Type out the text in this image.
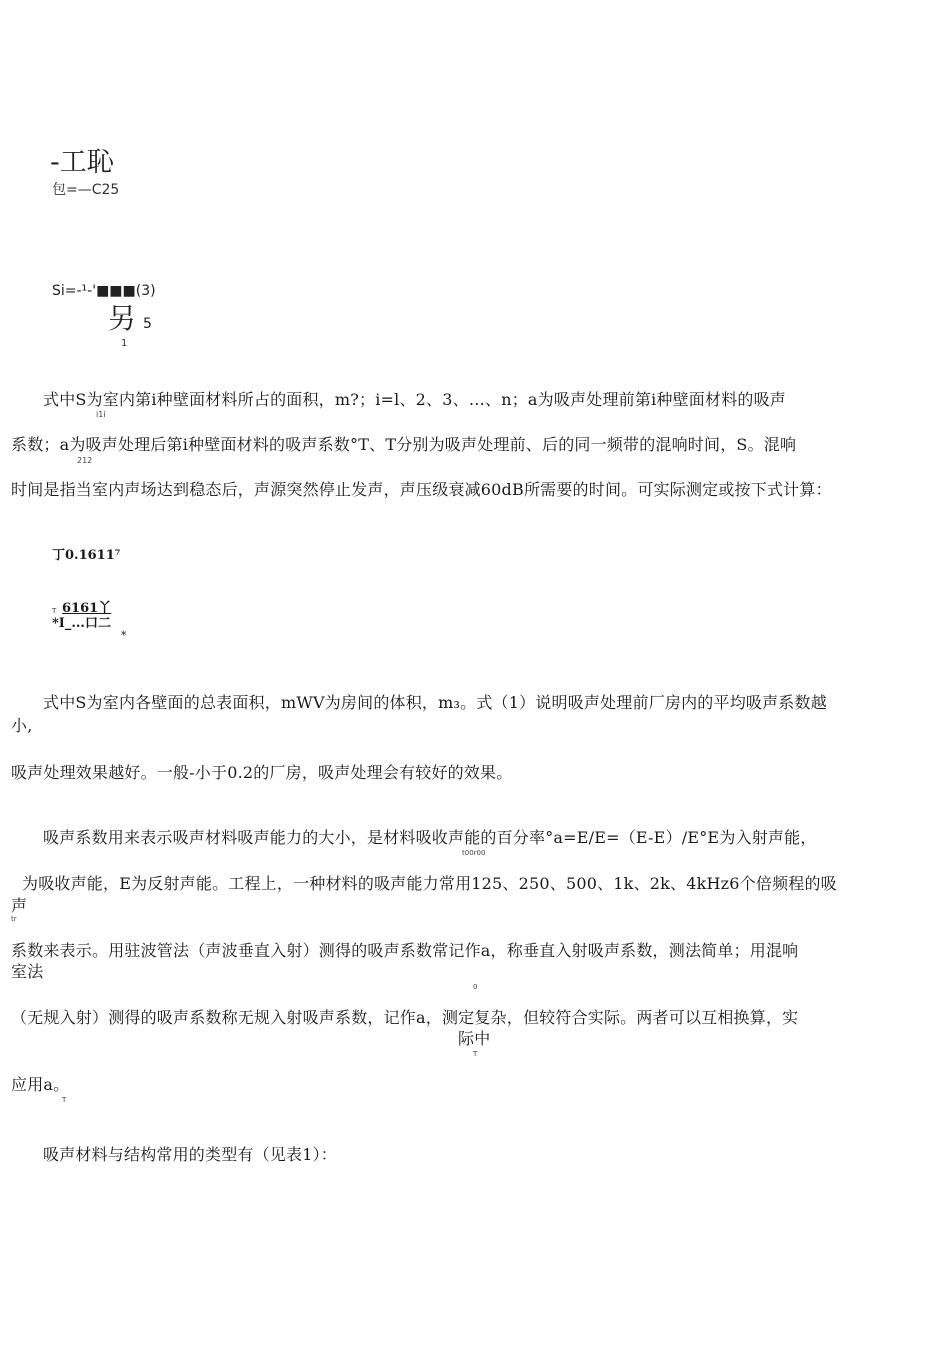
-工恥
包=—C25
Si=-¹-'■■■(3)
另 5
1
式中S为室内第i种壁面材料所占的面积，m?；i=l、2、3、…、n；a为吸声处理前第i种壁面材料的吸声
i1i
系数；a为吸声处理后第i种壁面材料的吸声系数°T、T分别为吸声处理前、后的同一频带的混响时间，S。混响
212
时间是指当室内声场达到稳态后，声源突然停止发声，声压级衰减60dB所需要的时间。可实际测定或按下式计算：
丁0.1611⁷
T 6161丫
*I_...口二
*
式中S为室内各壁面的总表面积，mWV为房间的体积，m₃。式（1）说明吸声处理前厂房内的平均吸声系数越
小,
吸声处理效果越好。一般-小于0.2的厂房，吸声处理会有较好的效果。
吸声系数用来表示吸声材料吸声能力的大小，是材料吸收声能的百分率°a=E/E=（E-E）/E°E为入射声能，
t00r00
为吸收声能，E为反射声能。工程上，一种材料的吸声能力常用125、250、500、1k、2k、4kHz6个倍频程的吸
声
tr
系数来表示。用驻波管法（声波垂直入射）测得的吸声系数常记作a，称垂直入射吸声系数，测法简单；用混响
室法
0
（无规入射）测得的吸声系数称无规入射吸声系数，记作a，测定复杂，但较符合实际。两者可以互相换算，实
际中
T
应用a。
T
吸声材料与结构常用的类型有（见表1）：
